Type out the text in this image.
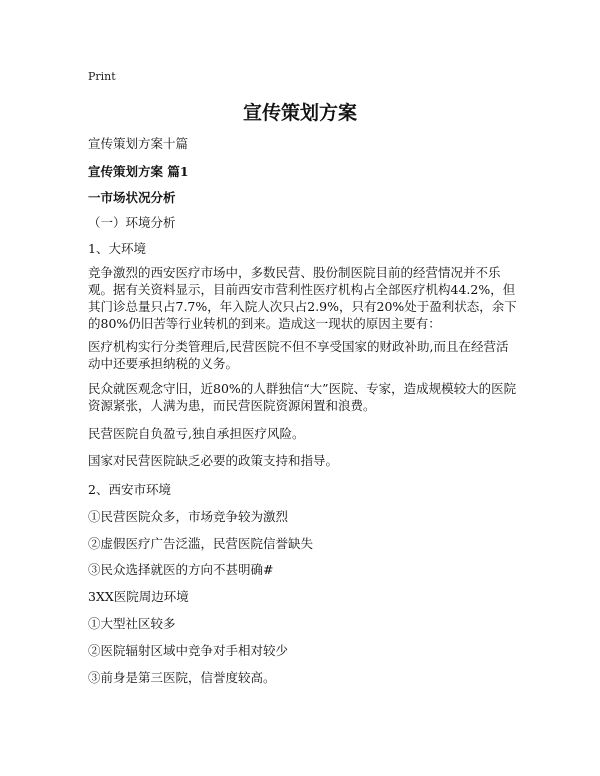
Print
宣传策划方案
宣传策划方案十篇
宣传策划方案 篇1
一市场状况分析
（一）环境分析
1、大环境
竞争激烈的西安医疗市场中，多数民营、股份制医院目前的经营情况并不乐观。据有关资料显示，目前西安市营利性医疗机构占全部医疗机构44.2%，但其门诊总量只占7.7%，年入院人次只占2.9%，只有20%处于盈利状态，余下的80%仍旧苦等行业转机的到来。造成这一现状的原因主要有：
医疗机构实行分类管理后,民营医院不但不享受国家的财政补助,而且在经营活动中还要承担纳税的义务。
民众就医观念守旧，近80%的人群独信“大”医院、专家，造成规模较大的医院资源紧张，人满为患，而民营医院资源闲置和浪费。
民营医院自负盈亏,独自承担医疗风险。
国家对民营医院缺乏必要的政策支持和指导。
2、西安市环境
①民营医院众多，市场竞争较为激烈
②虚假医疗广告泛滥，民营医院信誉缺失
③民众选择就医的方向不甚明确#
3XX医院周边环境
①大型社区较多
②医院辐射区域中竞争对手相对较少
③前身是第三医院，信誉度较高。
